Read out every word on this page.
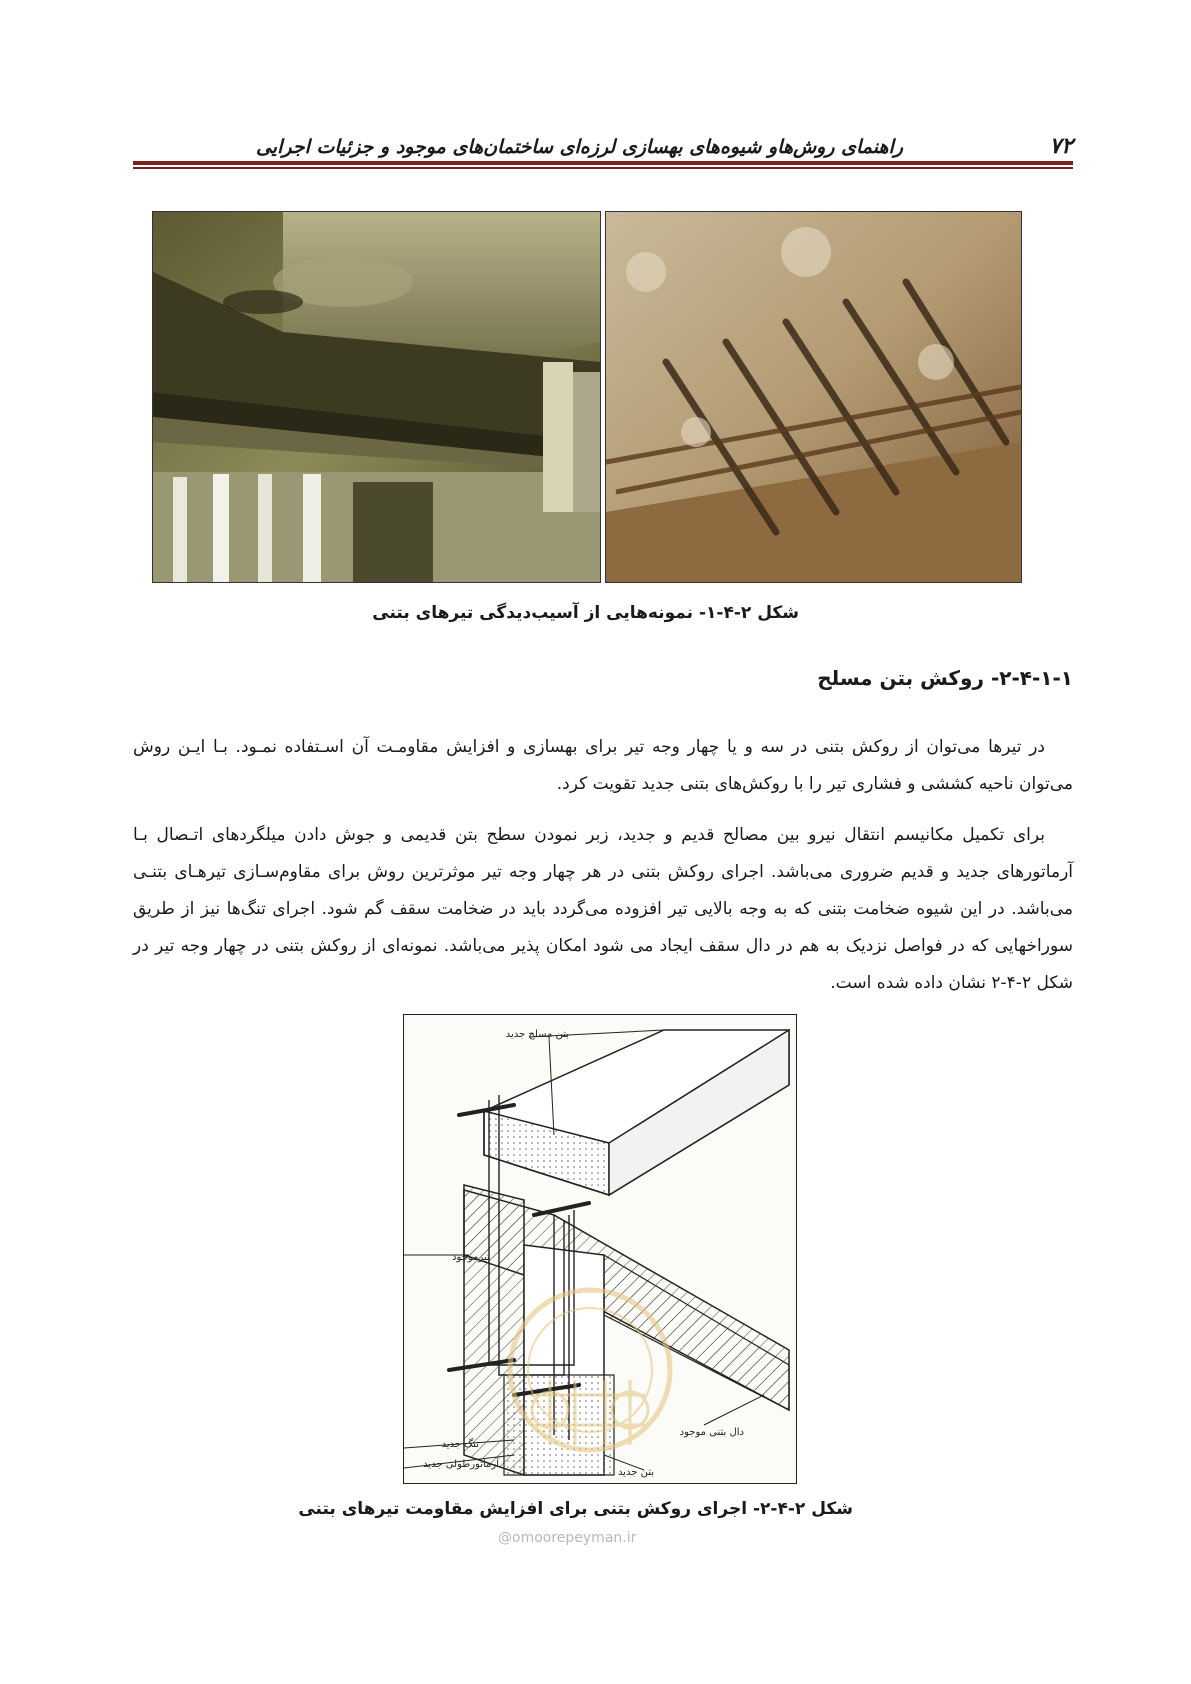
۷۲
راهنمای روش‌هاو شیوه‌های بهسازی لرزه‌ای ساختمان‌های موجود و جزئیات اجرایی
شکل ۲-۴-۱- نمونه‌هایی از آسیب‌دیدگی تیرهای بتنی
۲-۴-۱-۱- روکش بتن مسلح

در تیرها می‌توان از روکش بتنی در سه و یا چهار وجه تیر برای بهسازی و افزایش مقاومـت آن اسـتفاده نمـود. بـا ایـن روش می‌توان ناحیه کششی و فشاری تیر را با روکش‌های بتنی جدید تقویت کرد.

برای تکمیل مکانیسم انتقال نیرو بین مصالح قدیم و جدید، زبر نمودن سطح بتن قدیمی و جوش دادن میلگردهای اتـصال بـا آرماتورهای جدید و قدیم ضروری می‌باشد. اجرای روکش بتنی در هر چهار وجه تیر موثرترین روش برای مقاوم‌سـازی تیرهـای بتنـی می‌باشد. در این شیوه ضخامت بتنی که به وجه بالایی تیر افزوده می‌گردد باید در ضخامت سقف گم شود. اجرای تنگ‌ها نیز از طریق سوراخهایی که در فواصل نزدیک به هم در دال سقف ایجاد می شود امکان پذیر می‌باشد. نمونه‌ای از روکش بتنی در چهار وجه تیر در شکل ۲-۴-۲ نشان داده شده است.

بتن مسلح جدید
تیرموجود
دال بتنی موجود
تنگ جدید
آرماتورطولی جدید
بتن جدید
شکل ۲-۴-۲- اجرای روکش بتنی برای افزایش مقاومت تیرهای بتنی
@omoorepeyman.ir
